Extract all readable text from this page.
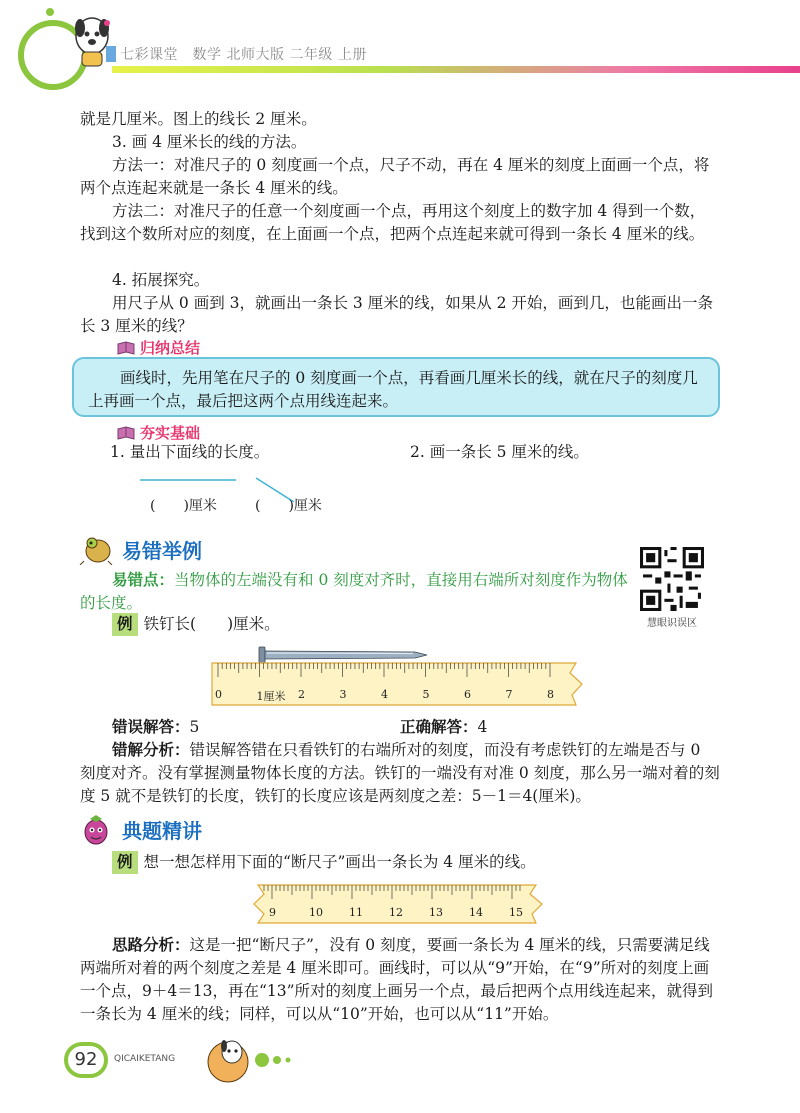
七彩课堂　数学 北师大版 二年级 上册

就是几厘米。图上的线长 2 厘米。

3. 画 4 厘米长的线的方法。

方法一：对准尺子的 0 刻度画一个点，尺子不动，再在 4 厘米的刻度上面画一个点，将两个点连起来就是一条长 4 厘米的线。

方法二：对准尺子的任意一个刻度画一个点，再用这个刻度上的数字加 4 得到一个数，找到这个数所对应的刻度，在上面画一个点，把两个点连起来就可得到一条长 4 厘米的线。

4. 拓展探究。

用尺子从 0 画到 3，就画出一条长 3 厘米的线，如果从 2 开始，画到几，也能画出一条长 3 厘米的线？

归纳总结
画线时，先用笔在尺子的 0 刻度画一个点，再看画几厘米长的线，就在尺子的刻度几上再画一个点，最后把这两个点用线连起来。
夯实基础
1. 量出下面线的长度。	2. 画一条长 5 厘米的线。
(　　)厘米	(　　)厘米
易错举例
易错点：当物体的左端没有和 0 刻度对齐时，直接用右端所对刻度作为物体的长度。
慧眼识误区
例 铁钉长(　　)厘米。
0	1厘米 2	3	4	5	6	7	8
错误解答：5	正确解答：4
错解分析：错误解答错在只看铁钉的右端所对的刻度，而没有考虑铁钉的左端是否与 0 刻度对齐。没有掌握测量物体长度的方法。铁钉的一端没有对准 0 刻度，那么另一端对着的刻度 5 就不是铁钉的长度，铁钉的长度应该是两刻度之差：5－1＝4(厘米)。
典题精讲
例 想一想怎样用下面的“断尺子”画出一条长为 4 厘米的线。
9	10 11 12 13 14 15
思路分析：这是一把“断尺子”，没有 0 刻度，要画一条长为 4 厘米的线，只需要满足线两端所对着的两个刻度之差是 4 厘米即可。画线时，可以从“9”开始，在“9”所对的刻度上画一个点，9＋4＝13，再在“13”所对的刻度上画另一个点，最后把两个点用线连起来，就得到一条长为 4 厘米的线；同样，可以从“10”开始，也可以从“11”开始。
92	QICAIKETANG
